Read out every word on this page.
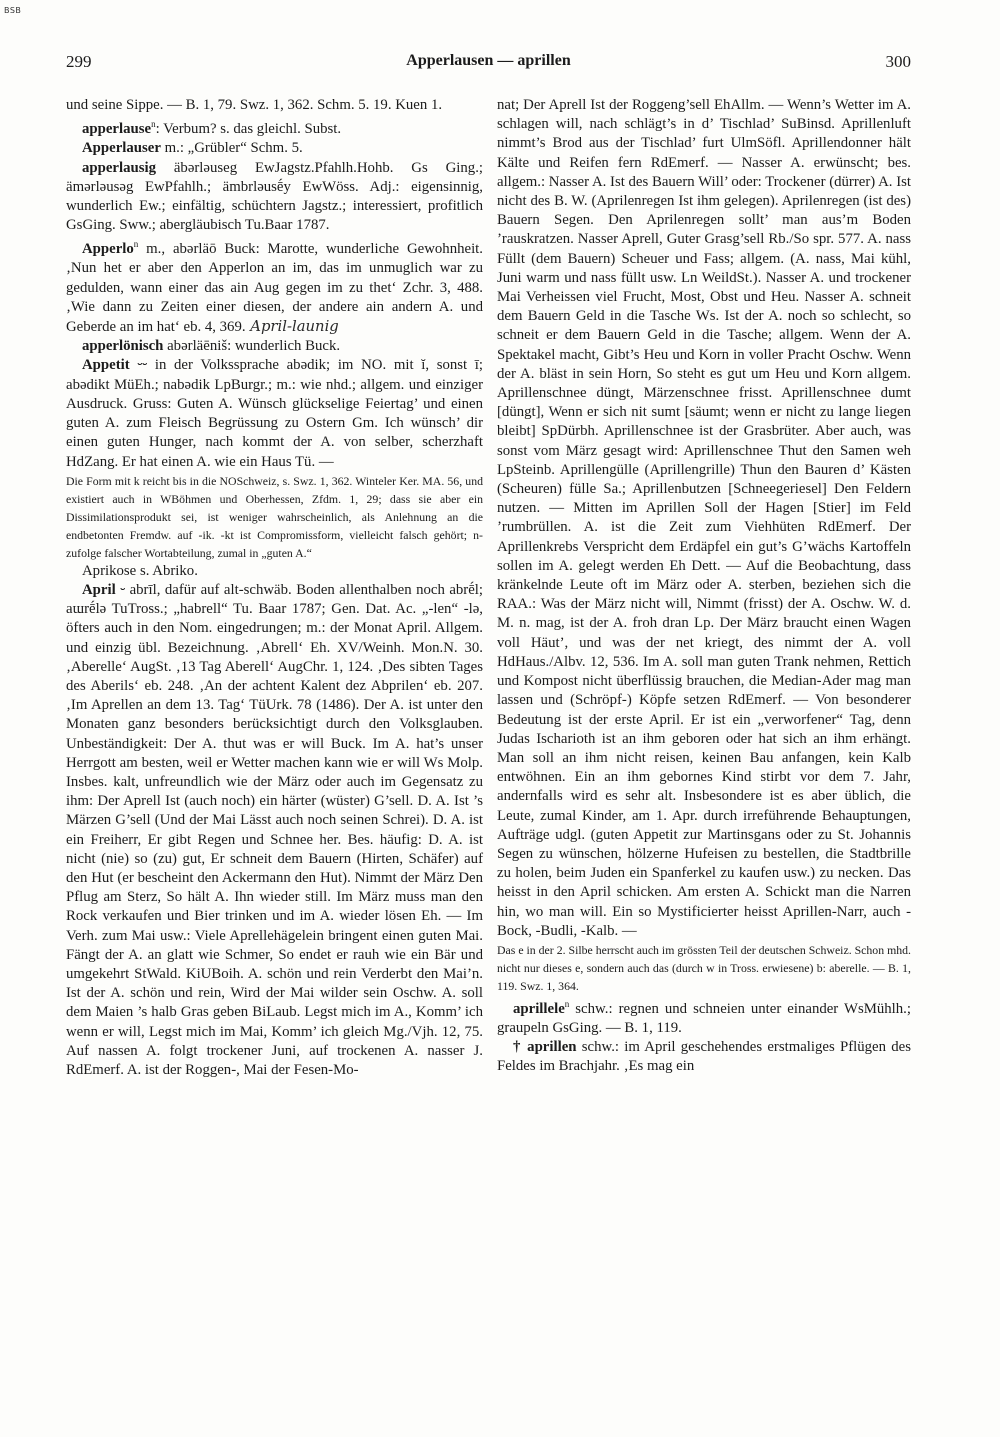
BSB
299	Apperlausen — aprillen	300

und seine Sippe. — B. 1, 79. Swz. 1, 362. Schm. 5. 19. Kuen 1.

apperlause$^n$: Verbum? s. das gleichl. Subst.

Apperlauser m.: „Grübler“ Schm. 5.

apperlausig äbərləuseg EwJagstz.Pfahlh.Hohb. Gs Ging.; ämərləusəg EwPfahlh.; ämbrləusḗy EwWöss. Adj.: eigensinnig, wunderlich Ew.; einfältig, schüchtern Jagstz.; interessiert, profitlich GsGing. Sww.; abergläubisch Tu.Baar 1787.

Apperlo$^n$ m., abərläō Buck: Marotte, wunderliche Gewohnheit. ‚Nun het er aber den Apperlon an im, das im unmuglich war zu gedulden, wann einer das ain Aug gegen im zu thet‘ Zchr. 3, 488. ‚Wie dann zu Zeiten einer diesen, der andere ain andern A. und Geberde an im hat‘ eb. 4, 369. April-launig

apperlönisch abərläēniš: wunderlich Buck.

Appetit ⏑⏑ in der Volkssprache abədik; im NO. mit ĭ, sonst ī; abədikt MüEh.; nabədik LpBurgr.; m.: wie nhd.; allgem. und einziger Ausdruck. Gruss: Guten A. Wünsch glückselige Feiertag’ und einen guten A. zum Fleisch Begrüssung zu Ostern Gm. Ich wünsch’ dir einen guten Hunger, nach kommt der A. von selber, scherzhaft HdZang. Er hat einen A. wie ein Haus Tü. —

Die Form mit k reicht bis in die NOSchweiz, s. Swz. 1, 362. Winteler Ker. MA. 56, und existiert auch in WBöhmen und Oberhessen, Zfdm. 1, 29; dass sie aber ein Dissimilationsprodukt sei, ist weniger wahrscheinlich, als Anlehnung an die endbetonten Fremdw. auf -ik. -kt ist Compromissform, vielleicht falsch gehört; n- zufolge falscher Wortabteilung, zumal in „guten A.“

Aprikose s. Abriko.

April ⏑ abrīl, dafür auf alt-schwäb. Boden allenthalben noch abrḗl; aɯrḗlə TuTross.; „habrell“ Tu. Baar 1787; Gen. Dat. Ac. „-len“ -lə, öfters auch in den Nom. eingedrungen; m.: der Monat April. Allgem. und einzig übl. Bezeichnung. ‚Abrell‘ Eh. XV/Weinh. Mon.N. 30. ‚Aberelle‘ AugSt. ‚13 Tag Aberell‘ AugChr. 1, 124. ‚Des sibten Tages des Aberils‘ eb. 248. ‚An der achtent Kalent dez Abprilen‘ eb. 207. ‚Im Aprellen an dem 13. Tag‘ TüUrk. 78 (1486). Der A. ist unter den Monaten ganz besonders berücksichtigt durch den Volksglauben. Unbeständigkeit: Der A. thut was er will Buck. Im A. hat’s unser Herrgott am besten, weil er Wetter machen kann wie er will Ws Molp. Insbes. kalt, unfreundlich wie der März oder auch im Gegensatz zu ihm: Der Aprell Ist (auch noch) ein härter (wüster) G’sell. D. A. Ist ’s Märzen G’sell (Und der Mai Lässt auch noch seinen Schrei). D. A. ist ein Freiherr, Er gibt Regen und Schnee her. Bes. häufig: D. A. ist nicht (nie) so (zu) gut, Er schneit dem Bauern (Hirten, Schäfer) auf den Hut (er bescheint den Ackermann den Hut). Nimmt der März Den Pflug am Sterz, So hält A. Ihn wieder still. Im März muss man den Rock verkaufen und Bier trinken und im A. wieder lösen Eh. — Im Verh. zum Mai usw.: Viele Aprellehägelein bringent einen guten Mai. Fängt der A. an glatt wie Schmer, So endet er rauh wie ein Bär und umgekehrt StWald. KiUBoih. A. schön und rein Verderbt den Mai’n. Ist der A. schön und rein, Wird der Mai wilder sein Oschw. A. soll dem Maien ’s halb Gras geben BiLaub. Legst mich im A., Komm’ ich wenn er will, Legst mich im Mai, Komm’ ich gleich Mg./Vjh. 12, 75. Auf nassen A. folgt trockener Juni, auf trockenen A. nasser J. RdEmerf. A. ist der Roggen-, Mai der Fesen-Mo-

nat; Der Aprell Ist der Roggeng’sell EhAllm. — Wenn’s Wetter im A. schlagen will, nach schlägt’s in d’ Tischlad’ SuBinsd. Aprillenluft nimmt’s Brod aus der Tischlad’ furt UlmSöfl. Aprillendonner hält Kälte und Reifen fern RdEmerf. — Nasser A. erwünscht; bes. allgem.: Nasser A. Ist des Bauern Will’ oder: Trockener (dürrer) A. Ist nicht des B. W. (Aprilenregen Ist ihm gelegen). Aprilenregen (ist des) Bauern Segen. Den Aprilenregen sollt’ man aus’m Boden ’rauskratzen. Nasser Aprell, Guter Grasg’sell Rb./So spr. 577. A. nass Füllt (dem Bauern) Scheuer und Fass; allgem. (A. nass, Mai kühl, Juni warm und nass füllt usw. Ln WeildSt.). Nasser A. und trockener Mai Verheissen viel Frucht, Most, Obst und Heu. Nasser A. schneit dem Bauern Geld in die Tasche Ws. Ist der A. noch so schlecht, so schneit er dem Bauern Geld in die Tasche; allgem. Wenn der A. Spektakel macht, Gibt’s Heu und Korn in voller Pracht Oschw. Wenn der A. bläst in sein Horn, So steht es gut um Heu und Korn allgem. Aprillenschnee düngt, Märzenschnee frisst. Aprillenschnee dumt [düngt], Wenn er sich nit sumt [säumt; wenn er nicht zu lange liegen bleibt] SpDürbh. Aprillenschnee ist der Grasbrüter. Aber auch, was sonst vom März gesagt wird: Aprillenschnee Thut den Samen weh LpSteinb. Aprillengülle (Aprillengrille) Thun den Bauren d’ Kästen (Scheuren) fülle Sa.; Aprillenbutzen [Schneegeriesel] Den Feldern nutzen. — Mitten im Aprillen Soll der Hagen [Stier] im Feld ’rumbrüllen. A. ist die Zeit zum Viehhüten RdEmerf. Der Aprillenkrebs Verspricht dem Erdäpfel ein gut’s G’wächs Kartoffeln sollen im A. gelegt werden Eh Dett. — Auf die Beobachtung, dass kränkelnde Leute oft im März oder A. sterben, beziehen sich die RAA.: Was der März nicht will, Nimmt (frisst) der A. Oschw. W. d. M. n. mag, ist der A. froh dran Lp. Der März braucht einen Wagen voll Häut’, und was der net kriegt, des nimmt der A. voll HdHaus./Albv. 12, 536. Im A. soll man guten Trank nehmen, Rettich und Kompost nicht überflüssig brauchen, die Median-Ader mag man lassen und (Schröpf-) Köpfe setzen RdEmerf. — Von besonderer Bedeutung ist der erste April. Er ist ein „verworfener“ Tag, denn Judas Ischarioth ist an ihm geboren oder hat sich an ihm erhängt. Man soll an ihm nicht reisen, keinen Bau anfangen, kein Kalb entwöhnen. Ein an ihm gebornes Kind stirbt vor dem 7. Jahr, andernfalls wird es sehr alt. Insbesondere ist es aber üblich, die Leute, zumal Kinder, am 1. Apr. durch irreführende Behauptungen, Aufträge udgl. (guten Appetit zur Martinsgans oder zu St. Johannis Segen zu wünschen, hölzerne Hufeisen zu bestellen, die Stadtbrille zu holen, beim Juden ein Spanferkel zu kaufen usw.) zu necken. Das heisst in den April schicken. Am ersten A. Schickt man die Narren hin, wo man will. Ein so Mystificierter heisst Aprillen-Narr, auch -Bock, -Budli, -Kalb. —

Das e in der 2. Silbe herrscht auch im grössten Teil der deutschen Schweiz. Schon mhd. nicht nur dieses e, sondern auch das (durch w in Tross. erwiesene) b: aberelle. — B. 1, 119. Swz. 1, 364.

aprillele$^n$ schw.: regnen und schneien unter einander WsMühlh.; graupeln GsGing. — B. 1, 119.

† aprillen schw.: im April geschehendes erstmaliges Pflügen des Feldes im Brachjahr. ‚Es mag ein
